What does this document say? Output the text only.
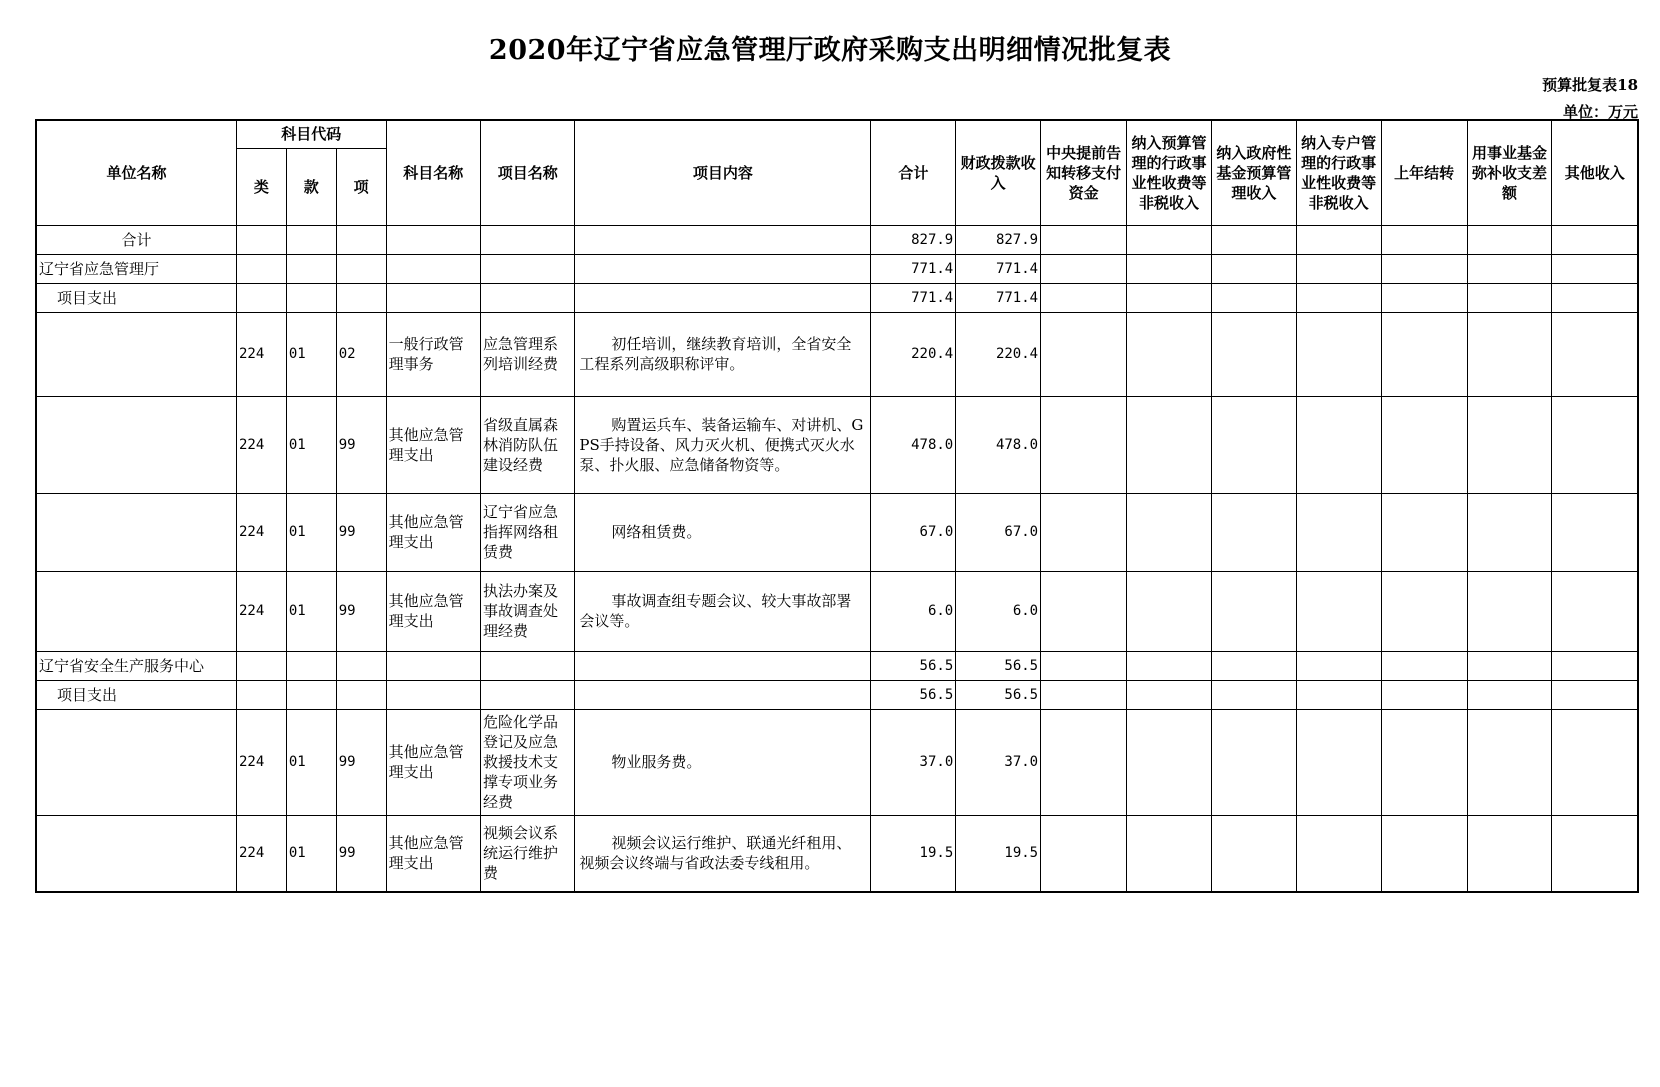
2020年辽宁省应急管理厅政府采购支出明细情况批复表
预算批复表18
单位：万元
单位名称	科目代码			科目名称	项目名称	项目内容	合计	财政拨款收入	中央提前告知转移支付资金	纳入预算管理的行政事业性收费等非税收入	纳入政府性基金预算管理收入	纳入专户管理的行政事业性收费等非税收入	上年结转	用事业基金弥补收支差额	其他收入
	类	款	项												
合计							827.9	827.9							
辽宁省应急管理厅							771.4	771.4							
项目支出							771.4	771.4							
	224	01	02	一般行政管理事务	应急管理系列培训经费	初任培训，继续教育培训，全省安全工程系列高级职称评审。	220.4	220.4							
	224	01	99	其他应急管理支出	省级直属森林消防队伍建设经费	购置运兵车、装备运输车、对讲机、GPS手持设备、风力灭火机、便携式灭火水泵、扑火服、应急储备物资等。	478.0	478.0							
	224	01	99	其他应急管理支出	辽宁省应急指挥网络租赁费	网络租赁费。	67.0	67.0							
	224	01	99	其他应急管理支出	执法办案及事故调查处理经费	事故调查组专题会议、较大事故部署会议等。	6.0	6.0							
辽宁省安全生产服务中心							56.5	56.5							
项目支出							56.5	56.5							
	224	01	99	其他应急管理支出	危险化学品登记及应急救援技术支撑专项业务经费	物业服务费。	37.0	37.0							
	224	01	99	其他应急管理支出	视频会议系统运行维护费	视频会议运行维护、联通光纤租用、视频会议终端与省政法委专线租用。	19.5	19.5							
